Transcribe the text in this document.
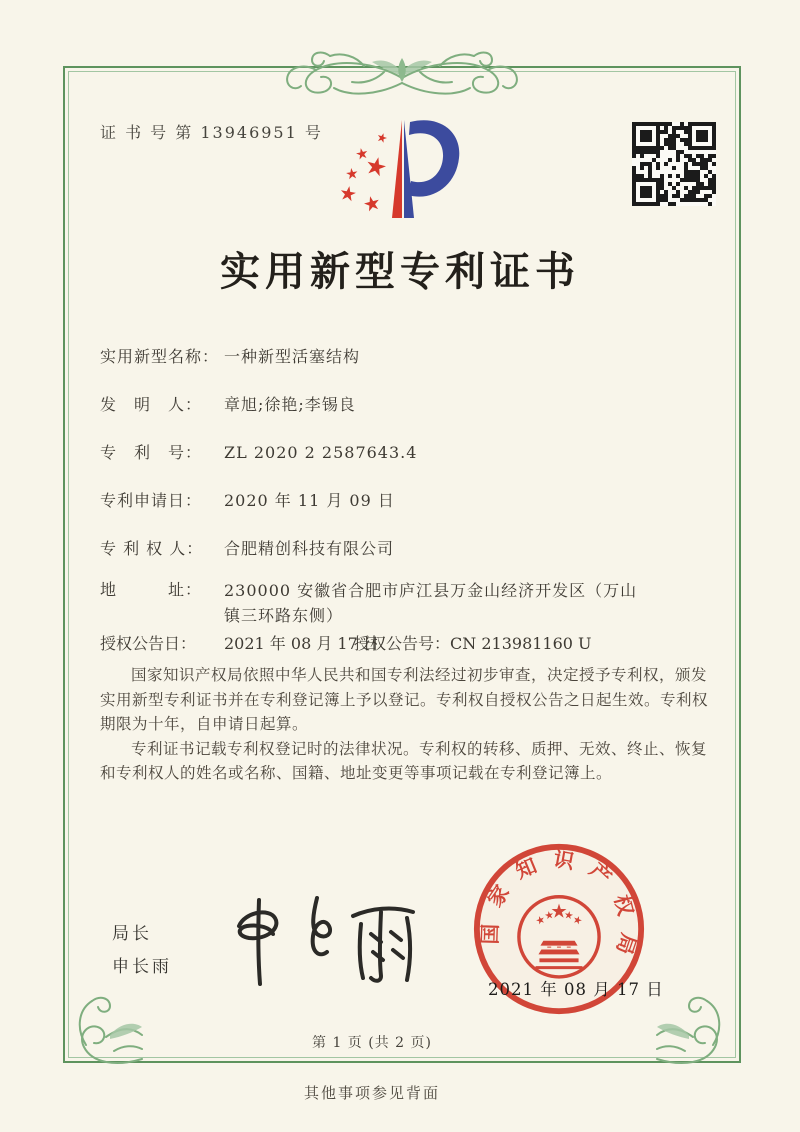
证 书 号 第 13946951 号
实用新型专利证书
实用新型名称： 一种新型活塞结构
发　明　人：	章旭;徐艳;李锡良
专　利　号：	ZL 2020 2 2587643.4
专利申请日：	2020 年 11 月 09 日
专 利 权 人：	合肥精创科技有限公司
地　　　址：	230000 安徽省合肥市庐江县万金山经济开发区（万山镇三环路东侧）
授权公告日： 2021 年 08 月 17 日
授权公告号：CN 213981160 U

国家知识产权局依照中华人民共和国专利法经过初步审查，决定授予专利权，颁发实用新型专利证书并在专利登记簿上予以登记。专利权自授权公告之日起生效。专利权期限为十年，自申请日起算。

专利证书记载专利权登记时的法律状况。专利权的转移、质押、无效、终止、恢复和专利权人的姓名或名称、国籍、地址变更等事项记载在专利登记簿上。

局长
申长雨
国家知识产权局
2021 年 08 月 17 日
第 1 页 (共 2 页)
其他事项参见背面
